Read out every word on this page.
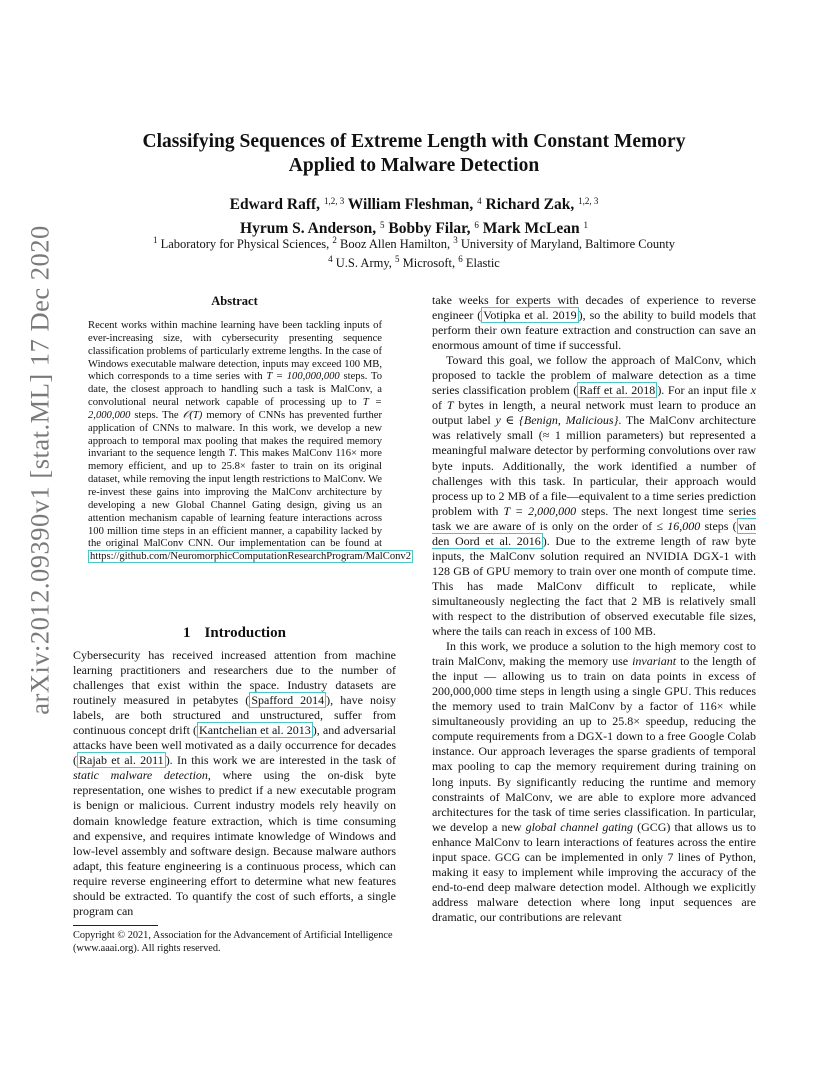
arXiv:2012.09390v1 [stat.ML] 17 Dec 2020
Classifying Sequences of Extreme Length with Constant Memory
Applied to Malware Detection
Edward Raff, $^{1,2, 3}$ William Fleshman, $^4$ Richard Zak, $^{1,2, 3}$
Hyrum S. Anderson, $^5$ Bobby Filar, $^6$ Mark McLean $^1$
$^1$ Laboratory for Physical Sciences, $^2$ Booz Allen Hamilton, $^3$ University of Maryland, Baltimore County
$^4$ U.S. Army, $^5$ Microsoft, $^6$ Elastic
Abstract
Recent works within machine learning have been tackling inputs of ever-increasing size, with cybersecurity presenting sequence classification problems of particularly extreme lengths. In the case of Windows executable malware detection, inputs may exceed 100 MB, which corresponds to a time series with T = 100,000,000 steps. To date, the closest approach to handling such a task is MalConv, a convolutional neural network capable of processing up to T = 2,000,000 steps. The 𝒪(T) memory of CNNs has prevented further application of CNNs to malware. In this work, we develop a new approach to temporal max pooling that makes the required memory invariant to the sequence length T. This makes MalConv 116× more memory efficient, and up to 25.8× faster to train on its original dataset, while removing the input length restrictions to MalConv. We re-invest these gains into improving the MalConv architecture by developing a new Global Channel Gating design, giving us an attention mechanism capable of learning feature interactions across 100 million time steps in an efficient manner, a capability lacked by the original MalConv CNN. Our implementation can be found at https://github.com/NeuromorphicComputationResearchProgram/MalConv2
1 Introduction
Cybersecurity has received increased attention from machine learning practitioners and researchers due to the number of challenges that exist within the space. Industry datasets are routinely measured in petabytes ( Spafford 2014 ), have noisy labels, are both structured and unstructured, suffer from continuous concept drift ( Kantchelian et al. 2013 ), and adversarial attacks have been well motivated as a daily occurrence for decades ( Rajab et al. 2011 ). In this work we are interested in the task of static malware detection, where using the on-disk byte representation, one wishes to predict if a new executable program is benign or malicious. Current industry models rely heavily on domain knowledge feature extraction, which is time consuming and expensive, and requires intimate knowledge of Windows and low-level assembly and software design. Because malware authors adapt, this feature engineering is a continuous process, which can require reverse engineering effort to determine what new features should be extracted. To quantify the cost of such efforts, a single program can
Copyright © 2021, Association for the Advancement of Artificial Intelligence (www.aaai.org). All rights reserved.

take weeks for experts with decades of experience to reverse engineer ( Votipka et al. 2019 ), so the ability to build models that perform their own feature extraction and construction can save an enormous amount of time if successful.

Toward this goal, we follow the approach of MalConv, which proposed to tackle the problem of malware detection as a time series classification problem ( Raff et al. 2018 ). For an input file x of T bytes in length, a neural network must learn to produce an output label y ∈ {Benign, Malicious}. The MalConv architecture was relatively small (≈ 1 million parameters) but represented a meaningful malware detector by performing convolutions over raw byte inputs. Additionally, the work identified a number of challenges with this task. In particular, their approach would process up to 2 MB of a file—equivalent to a time series prediction problem with T = 2,000,000 steps. The next longest time series task we are aware of is only on the order of ≤ 16,000 steps ( van den Oord et al. 2016 ). Due to the extreme length of raw byte inputs, the MalConv solution required an NVIDIA DGX-1 with 128 GB of GPU memory to train over one month of compute time. This has made MalConv difficult to replicate, while simultaneously neglecting the fact that 2 MB is relatively small with respect to the distribution of observed executable file sizes, where the tails can reach in excess of 100 MB.

In this work, we produce a solution to the high memory cost to train MalConv, making the memory use invariant to the length of the input — allowing us to train on data points in excess of 200,000,000 time steps in length using a single GPU. This reduces the memory used to train MalConv by a factor of 116× while simultaneously providing an up to 25.8× speedup, reducing the compute requirements from a DGX-1 down to a free Google Colab instance. Our approach leverages the sparse gradients of temporal max pooling to cap the memory requirement during training on long inputs. By significantly reducing the runtime and memory constraints of MalConv, we are able to explore more advanced architectures for the task of time series classification. In particular, we develop a new global channel gating (GCG) that allows us to enhance MalConv to learn interactions of features across the entire input space. GCG can be implemented in only 7 lines of Python, making it easy to implement while improving the accuracy of the end-to-end deep malware detection model. Although we explicitly address malware detection where long input sequences are dramatic, our contributions are relevant
